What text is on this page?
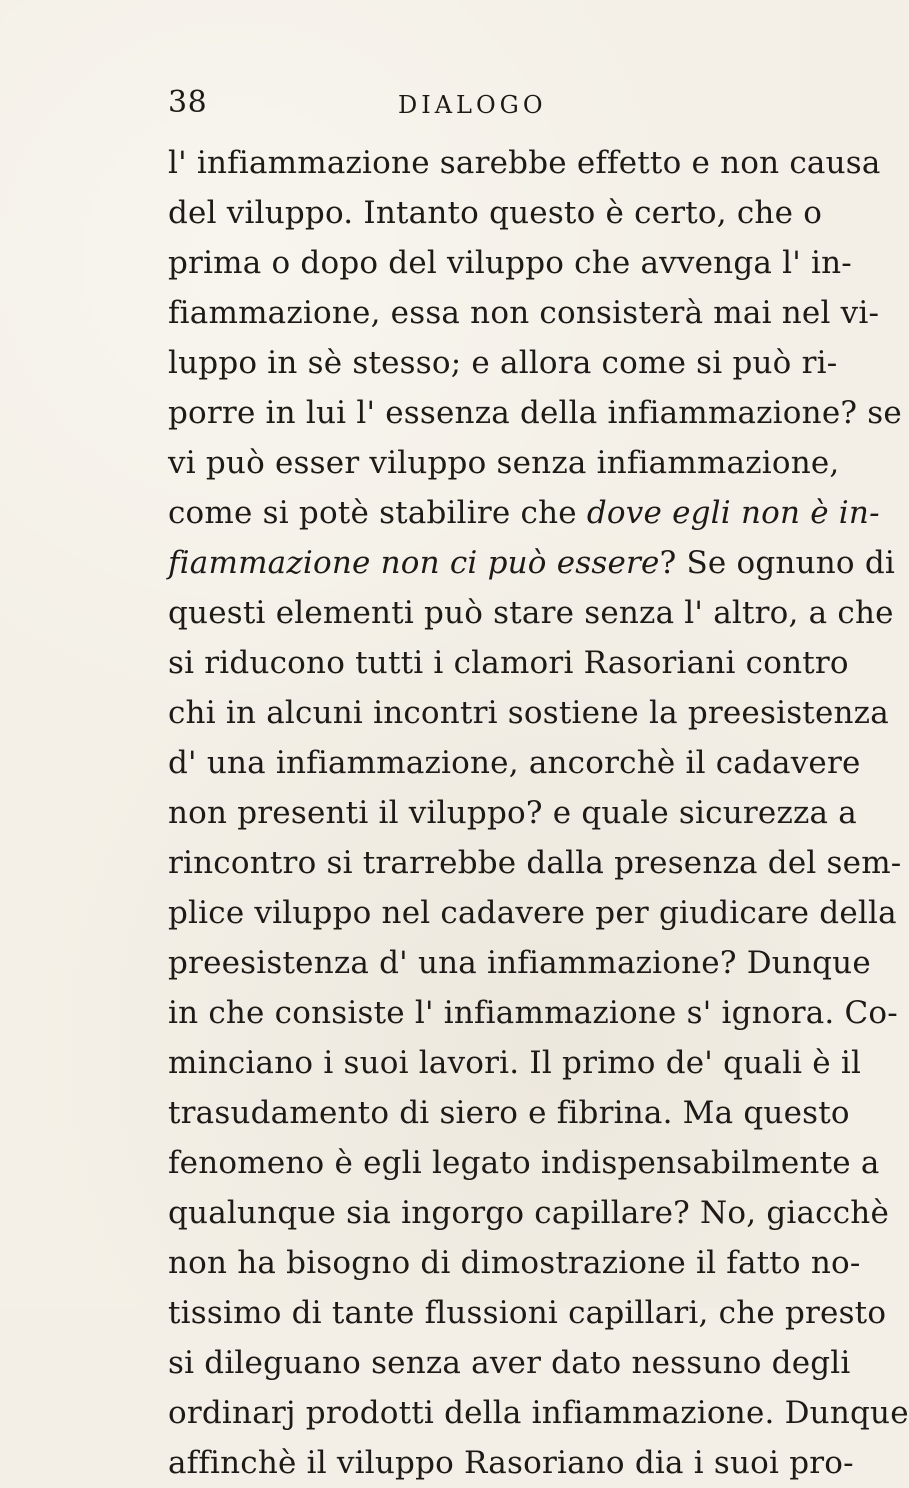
38	DIALOGO
l' infiammazione sarebbe effetto e non causa
del viluppo. Intanto questo è certo, che o
prima o dopo del viluppo che avvenga l' in-
fiammazione, essa non consisterà mai nel vi-
luppo in sè stesso; e allora come si può ri-
porre in lui l' essenza della infiammazione? se
vi può esser viluppo senza infiammazione,
come si potè stabilire che dove egli non è in-
fiammazione non ci può essere? Se ognuno di
questi elementi può stare senza l' altro, a che
si riducono tutti i clamori Rasoriani contro
chi in alcuni incontri sostiene la preesistenza
d' una infiammazione, ancorchè il cadavere
non presenti il viluppo? e quale sicurezza a
rincontro si trarrebbe dalla presenza del sem-
plice viluppo nel cadavere per giudicare della
preesistenza d' una infiammazione? Dunque
in che consiste l' infiammazione s' ignora. Co-
minciano i suoi lavori. Il primo de' quali è il
trasudamento di siero e fibrina. Ma questo
fenomeno è egli legato indispensabilmente a
qualunque sia ingorgo capillare? No, giacchè
non ha bisogno di dimostrazione il fatto no-
tissimo di tante flussioni capillari, che presto
si dileguano senza aver dato nessuno degli
ordinarj prodotti della infiammazione. Dunque
affinchè il viluppo Rasoriano dia i suoi pro-
